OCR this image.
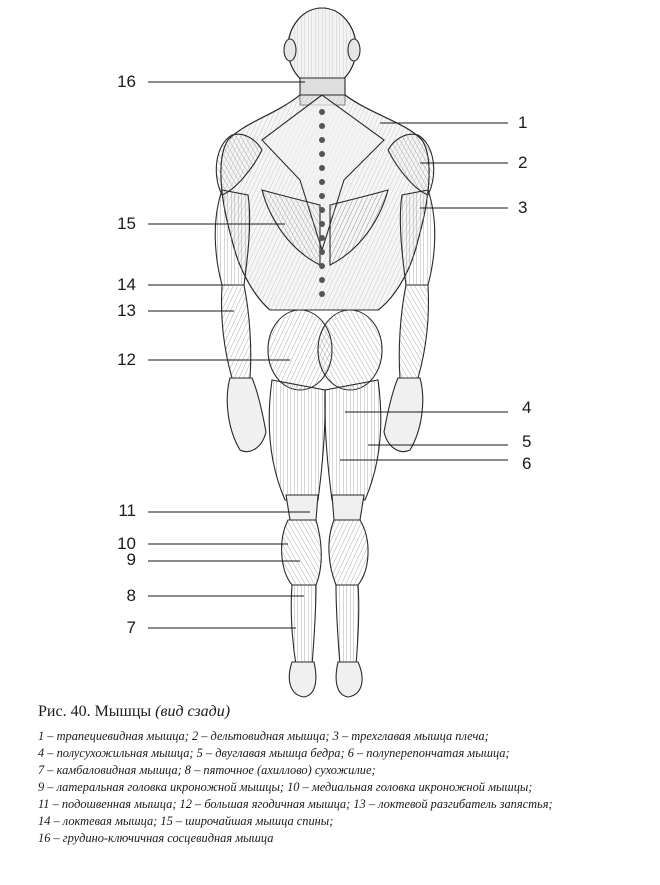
16
1
2
3
15
14
13
12
4
5
6
11
10
9
8
7
Рис. 40. Мышцы (вид сзади)
1 – трапециевидная мышца; 2 – дельтовидная мышца; 3 – трехглавая мышца плеча;
4 – полусухожильная мышца; 5 – двуглавая мышца бедра; 6 – полуперепончатая мышца;
7 – камбаловидная мышца; 8 – пяточное (ахиллово) сухожилие;
9 – латеральная головка икроножной мышцы; 10 – медиальная головка икроножной мышцы;
11 – подошвенная мышца; 12 – большая ягодичная мышца; 13 – локтевой разгибатель запястья;
14 – локтевая мышца; 15 – широчайшая мышца спины;
16 – грудино-ключичная сосцевидная мышца
